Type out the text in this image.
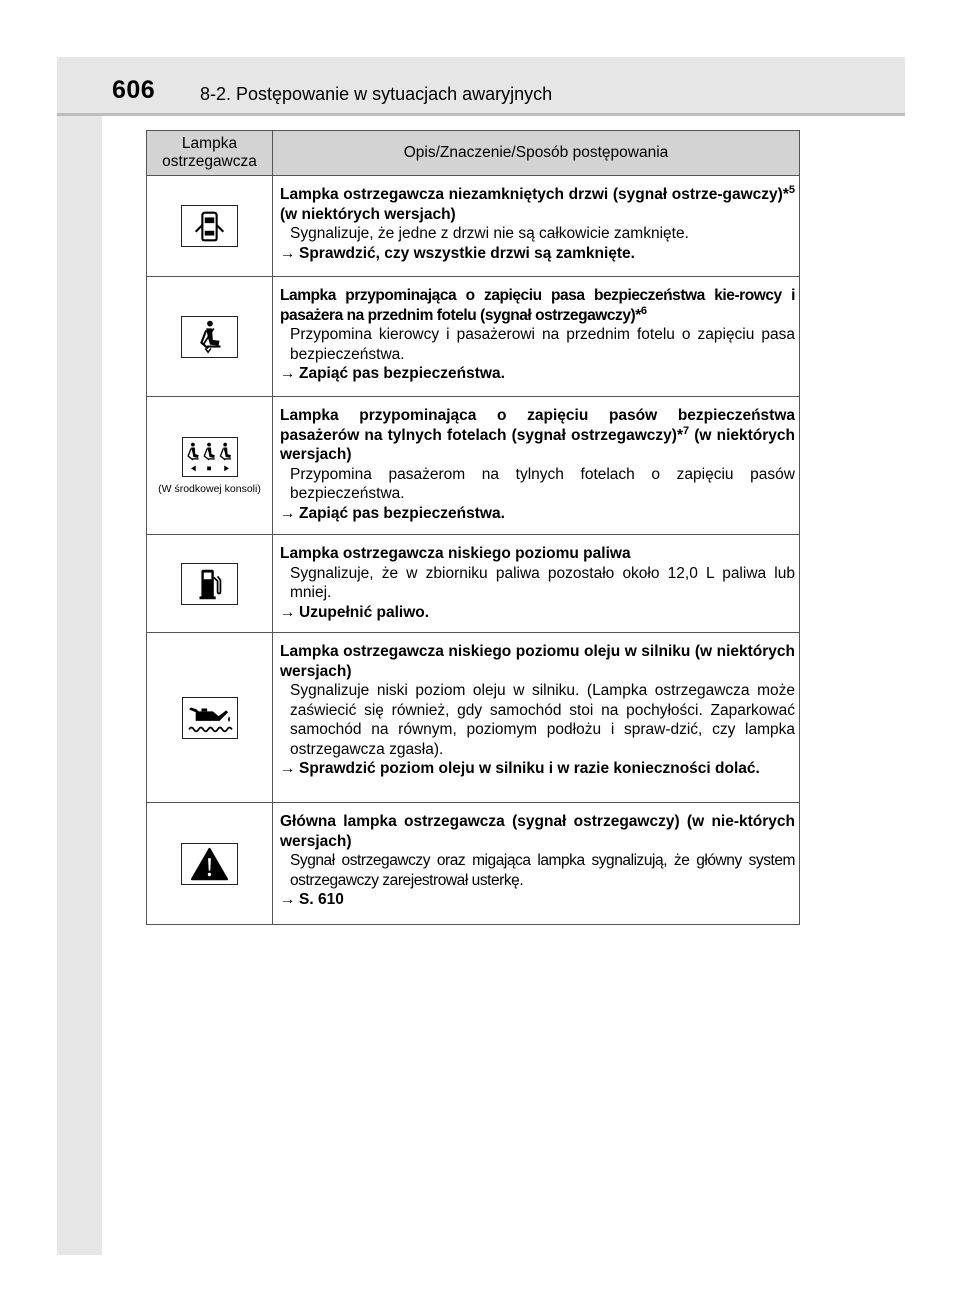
606 8-2. Postępowanie w sytuacjach awaryjnych
Lampka ostrzegawcza	Opis/Znaczenie/Sposób postępowania

Lampka ostrzegawcza niezamkniętych drzwi (sygnał ostrze-gawczy)*$^5$ (w niektórych wersjach)
Sygnalizuje, że jedne z drzwi nie są całkowicie zamknięte.
→ Sprawdzić, czy wszystkie drzwi są zamknięte.

Lampka przypominająca o zapięciu pasa bezpieczeństwa kie-rowcy i pasażera na przednim fotelu (sygnał ostrzegawczy)*$^6$
Przypomina kierowcy i pasażerowi na przednim fotelu o zapięciu pasa bezpieczeństwa.
→ Zapiąć pas bezpieczeństwa.

(W środkowej konsoli)	Lampka przypominająca o zapięciu pasów bezpieczeństwa pasażerów na tylnych fotelach (sygnał ostrzegawczy)*$^7$ (w niektórych wersjach)
Przypomina pasażerom na tylnych fotelach o zapięciu pasów bezpieczeństwa.
→ Zapiąć pas bezpieczeństwa.

Lampka ostrzegawcza niskiego poziomu paliwa
Sygnalizuje, że w zbiorniku paliwa pozostało około 12,0 L paliwa lub mniej.
→ Uzupełnić paliwo.

Lampka ostrzegawcza niskiego poziomu oleju w silniku (w niektórych wersjach)
Sygnalizuje niski poziom oleju w silniku. (Lampka ostrzegawcza może zaświecić się również, gdy samochód stoi na pochyłości. Zaparkować samochód na równym, poziomym podłożu i spraw-dzić, czy lampka ostrzegawcza zgasła).
→ Sprawdzić poziom oleju w silniku i w razie konieczności dolać.

Główna lampka ostrzegawcza (sygnał ostrzegawczy) (w nie-których wersjach)
Sygnał ostrzegawczy oraz migająca lampka sygnalizują, że główny system ostrzegawczy zarejestrował usterkę.
→ S. 610
